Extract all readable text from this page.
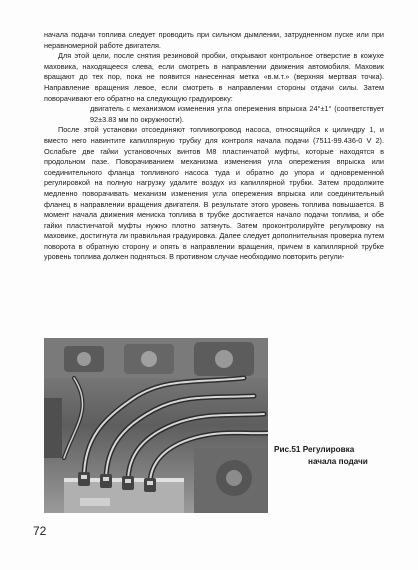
начала подачи топлива следует проводить при сильном дымлении, затрудненном пуске или при неравномерной работе двигателя.

Для этой цели, после снятия резиновой пробки, открывают контрольное отверстие в кожухе маховика, находящееся слева, если смотреть в направлении движения автомобиля. Маховик вращают до тех пор, пока не появится нанесенная метка «в.м.т.» (верхняя мертвая точка). Направление вращения левое, если смотреть в направлении стороны отдачи силы. Затем поворачивают его обратно на следующую градуировку:

двигатель с механизмом изменения угла опережения впрыска 24°±1° (соответствует 92±3.83 мм по окружности).

После этой установки отсоединяют топливопровод насоса, относящийся к цилиндру 1, и вместо него навинтите капиллярную трубку для контроля начала подачи (7511-99.436-0 V 2). Ослабьте две гайки установочных винтов М8 пластинчатой муфты, которые находятся в продольном пазе. Поворачиванием механизма изменения угла опережения впрыска или соединительного фланца топливного насоса туда и обратно до упора и одновременной регулировкой на полную нагрузку удалите воздух из капиллярной трубки. Затем продолжите медленно поворачивать механизм изменения угла опережения впрыска или соединительный фланец в направлении вращения двигателя. В результате этого уровень топлива повышается. В момент начала движения мениска топлива в трубке достигается начало подачи топлива, и обе гайки пластинчатой муфты нужно плотно затянуть. Затем проконтролируйте регулировку на маховике, достигнута ли правильная градуировка. Далее следует дополнительная проверка путем поворота в обратную сторону и опять в направлении вращения, причем в капиллярной трубке уровень топлива должен подняться. В противном случае необходимо повторить регули-

Рис.51 Регулировка
начала подачи
72
